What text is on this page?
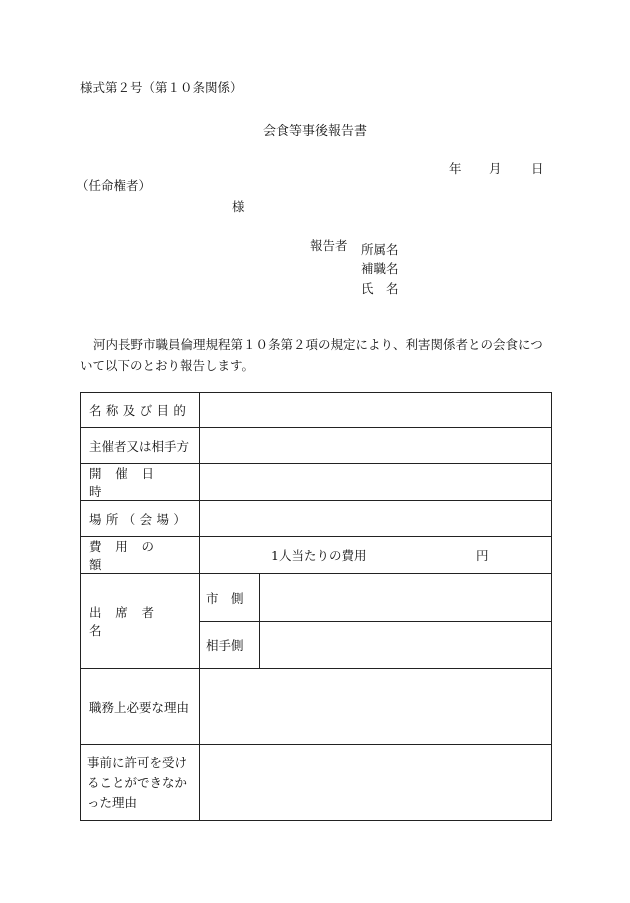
様式第２号（第１０条関係）
会食等事後報告書
年 月 日
（任命権者）
様
報告者 所属名
補職名
氏　名
河内長野市職員倫理規程第１０条第２項の規定により、利害関係者との会食について以下のとおり報告します。
名称及び目的		
主催者又は相手方		
開催日時		
場所（会場）		
費用の額	1人当たりの費用 円	

出席者名	市　側	
	相手側	
職務上必要な理由		
事前に許可を受けることができなかった理由		
